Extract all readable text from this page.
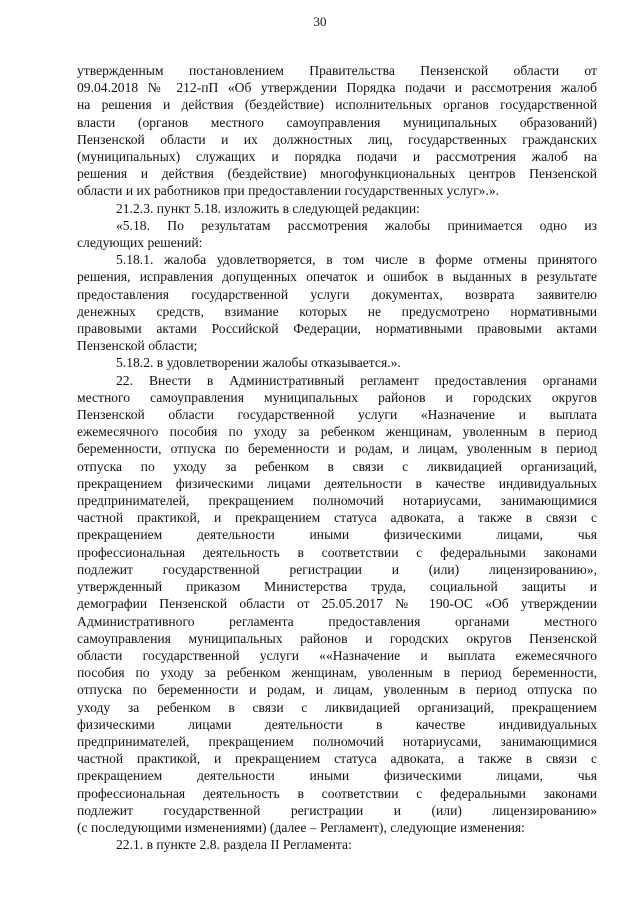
30

утвержденным постановлением Правительства Пензенской области от

09.04.2018 № 212-пП «Об утверждении Порядка подачи и рассмотрения жалоб

на решения и действия (бездействие) исполнительных органов государственной

власти (органов местного самоуправления муниципальных образований)

Пензенской области и их должностных лиц, государственных гражданских

(муниципальных) служащих и порядка подачи и рассмотрения жалоб на

решения и действия (бездействие) многофункциональных центров Пензенской

области и их работников при предоставлении государственных услуг».».

21.2.3. пункт 5.18. изложить в следующей редакции:

«5.18. По результатам рассмотрения жалобы принимается одно из

следующих решений:

5.18.1. жалоба удовлетворяется, в том числе в форме отмены принятого

решения, исправления допущенных опечаток и ошибок в выданных в результате

предоставления государственной услуги документах, возврата заявителю

денежных средств, взимание которых не предусмотрено нормативными

правовыми актами Российской Федерации, нормативными правовыми актами

Пензенской области;

5.18.2. в удовлетворении жалобы отказывается.».

22. Внести в Административный регламент предоставления органами

местного самоуправления муниципальных районов и городских округов

Пензенской области государственной услуги «Назначение и выплата

ежемесячного пособия по уходу за ребенком женщинам, уволенным в период

беременности, отпуска по беременности и родам, и лицам, уволенным в период

отпуска по уходу за ребенком в связи с ликвидацией организаций,

прекращением физическими лицами деятельности в качестве индивидуальных

предпринимателей, прекращением полномочий нотариусами, занимающимися

частной практикой, и прекращением статуса адвоката, а также в связи с

прекращением деятельности иными физическими лицами, чья

профессиональная деятельность в соответствии с федеральными законами

подлежит государственной регистрации и (или) лицензированию»,

утвержденный приказом Министерства труда, социальной защиты и

демографии Пензенской области от 25.05.2017 № 190-ОС «Об утверждении

Административного регламента предоставления органами местного

самоуправления муниципальных районов и городских округов Пензенской

области государственной услуги ««Назначение и выплата ежемесячного

пособия по уходу за ребенком женщинам, уволенным в период беременности,

отпуска по беременности и родам, и лицам, уволенным в период отпуска по

уходу за ребенком в связи с ликвидацией организаций, прекращением

физическими лицами деятельности в качестве индивидуальных

предпринимателей, прекращением полномочий нотариусами, занимающимися

частной практикой, и прекращением статуса адвоката, а также в связи с

прекращением деятельности иными физическими лицами, чья

профессиональная деятельность в соответствии с федеральными законами

подлежит государственной регистрации и (или) лицензированию»

(с последующими изменениями) (далее – Регламент), следующие изменения:

22.1. в пункте 2.8. раздела II Регламента:
